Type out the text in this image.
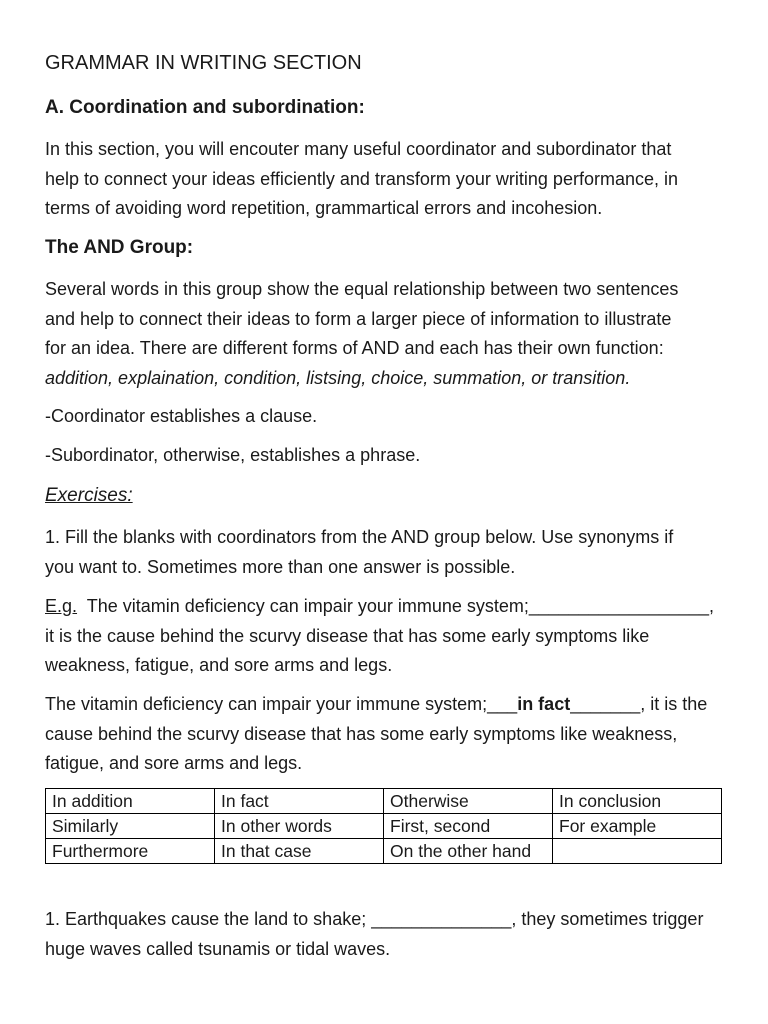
GRAMMAR IN WRITING SECTION
A. Coordination and subordination:

In this section, you will encouter many useful coordinator and subordinator that
help to connect your ideas efficiently and transform your writing performance, in
terms of avoiding word repetition, grammartical errors and incohesion.

The AND Group:

Several words in this group show the equal relationship between two sentences
and help to connect their ideas to form a larger piece of information to illustrate
for an idea. There are different forms of AND and each has their own function:
addition, explaination, condition, listsing, choice, summation, or transition.

-Coordinator establishes a clause.

-Subordinator, otherwise, establishes a phrase.

Exercises:

1. Fill the blanks with coordinators from the AND group below. Use synonyms if
you want to. Sometimes more than one answer is possible.

E.g.  The vitamin deficiency can impair your immune system;__________________,
it is the cause behind the scurvy disease that has some early symptoms like
weakness, fatigue, and sore arms and legs.

The vitamin deficiency can impair your immune system;___in fact_______, it is the
cause behind the scurvy disease that has some early symptoms like weakness,
fatigue, and sore arms and legs.

In addition	In fact	Otherwise	In conclusion
Similarly	In other words	First, second	For example
Furthermore	In that case	On the other hand	

1. Earthquakes cause the land to shake; ______________, they sometimes trigger
huge waves called tsunamis or tidal waves.
